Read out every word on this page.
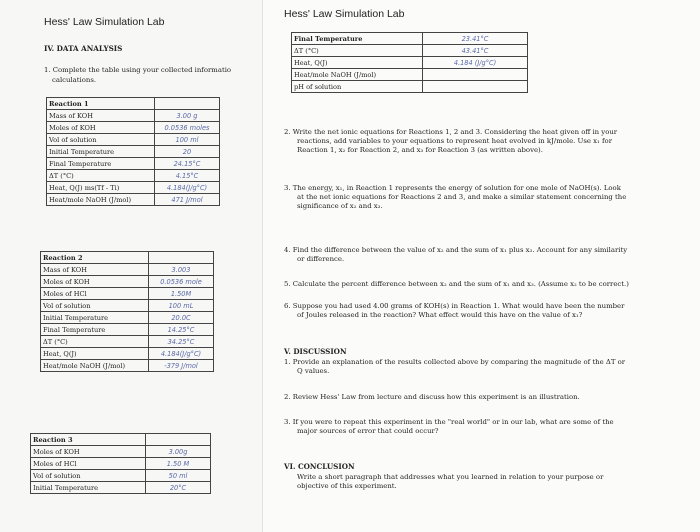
Hess' Law Simulation Lab
IV. DATA ANALYSIS
1. Complete the table using your collected informatio
calculations.
Reaction 1	
Mass of KOH	3.00 g
Moles of KOH	0.0536 moles
Vol of solution	100 ml
Initial Temperature	20
Final Temperature	24.15°C
ΔT (°C)	4.15°C
Heat, Q(J) ms(Tf - Ti)	4.184(J/g°C)
Heat/mole NaOH (J/mol)	471 J/mol
Reaction 2	
Mass of KOH	3.003
Moles of KOH	0.0536 mole
Moles of HCl	1.50M
Vol of solution	100 mL
Initial Temperature	20.0C
Final Temperature	14.25°C
ΔT (°C)	34.25°C
Heat, Q(J)	4.184(J/g°C)
Heat/mole NaOH (J/mol)	-379 J/mol
Reaction 3	
Moles of KOH	3.00g
Moles of HCl	1.50 M
Vol of solution	50 ml
Initial Temperature	20°C
Hess' Law Simulation Lab
Final Temperature	23.41°C
ΔT (°C)	43.41°C
Heat, Q(J)	4.184 (J/g°C)
Heat/mole NaOH (J/mol)	
pH of solution	
2. Write the net ionic equations for Reactions 1, 2 and 3. Considering the heat given off in your
reactions, add variables to your equations to represent heat evolved in kJ/mole. Use x₁ for
Reaction 1, x₂ for Reaction 2, and x₃ for Reaction 3 (as written above).
3. The energy, x₁, in Reaction 1 represents the energy of solution for one mole of NaOH(s). Look
at the net ionic equations for Reactions 2 and 3, and make a similar statement concerning the
significance of x₂ and x₃.
4. Find the difference between the value of x₂ and the sum of x₁ plus x₃. Account for any similarity
or difference.
5. Calculate the percent difference between x₂ and the sum of x₁ and x₃. (Assume x₂ to be correct.)
6. Suppose you had used 4.00 grams of KOH(s) in Reaction 1. What would have been the number
of Joules released in the reaction? What effect would this have on the value of x₁?
V. DISCUSSION
1. Provide an explanation of the results collected above by comparing the magnitude of the ΔT or
Q values.
2. Review Hess' Law from lecture and discuss how this experiment is an illustration.
3. If you were to repeat this experiment in the "real world" or in our lab, what are some of the
major sources of error that could occur?
VI. CONCLUSION
Write a short paragraph that addresses what you learned in relation to your purpose or
objective of this experiment.
